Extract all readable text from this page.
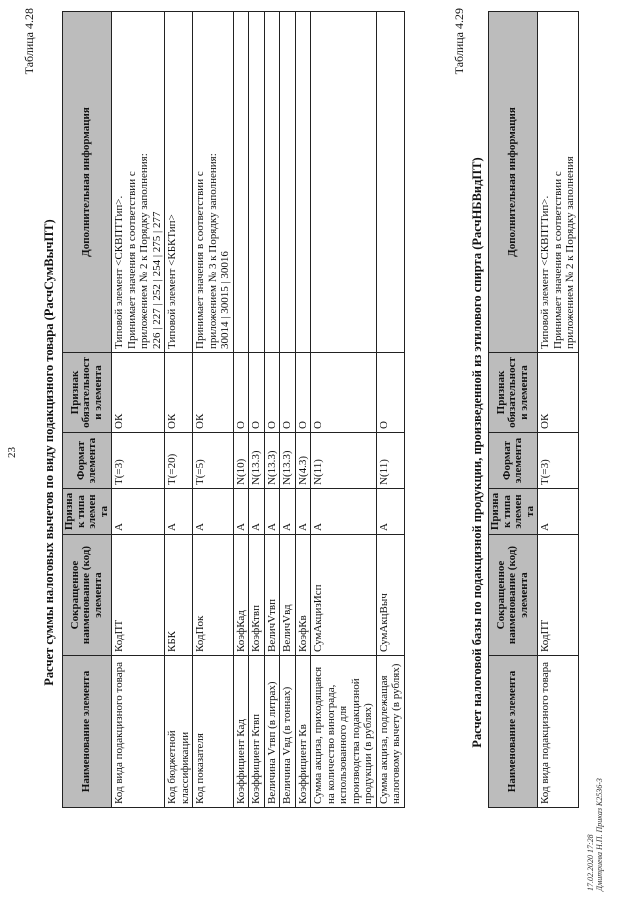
23
Таблица 4.28
Расчет суммы налоговых вычетов по виду подакцизного товара (РасчСумВычПТ)
Наименование элемента	Сокращенное наименование (код) элемента	Признак типа элемента	Формат элемента	Признак обязательности элемента	Дополнительная информация
Код вида подакцизного товара	КодПТ	А	T(=3)	ОК	Типовой элемент <СКВПТТип>. Принимает значения в соответствии с приложением № 2 к Порядку заполнения: 226 | 227 | 252 | 254 | 275 | 277

Код бюджетной классификации	КБК	А	T(=20)	ОК	Типовой элемент <КБКТип>

Код показателя	КодПок	А	T(=5)	ОК	Принимает значения в соответствии с приложением № 3 к Порядку заполнения: 30014 | 30015 | 30016

Коэффициент Кад	КоэфКад	А	N(10)	О	
Коэффициент Ктвп	КоэфКтвп	А	N(13.3)	О	
Величина Vтвп (в литрах)	ВеличVтвп	А	N(13.3)	О	
Величина Vвд (в тоннах)	ВеличVвд	А	N(13.3)	О	
Коэффициент Кв	КоэфКв	А	N(4.3)	О	
Сумма акциза, приходящаяся на количество винограда, использованного для производства подакцизной продукции (в рублях)	СумАкцизИсп	А	N(11)	О	
Сумма акциза, подлежащая налоговому вычету (в рублях)	СумАкцВыч	А	N(11)	О	
Таблица 4.29
Расчет налоговой базы по подакцизной продукции, произведенной из этилового спирта (РасчНБВидПТ) Наименование элемента	Сокращенное наименование (код) элемента	Признак типа элемента	Формат элемента	Признак обязательности элемента	Дополнительная информация
Код вида подакцизного товара	КодПТ	А	T(=3)	ОК	Типовой элемент <СКВПТТип>. Принимает значения в соответствии с приложением № 2 к Порядку заполнения
17.02.2020 17:28 Дмитриева Н.П. Приказ К2536-3
